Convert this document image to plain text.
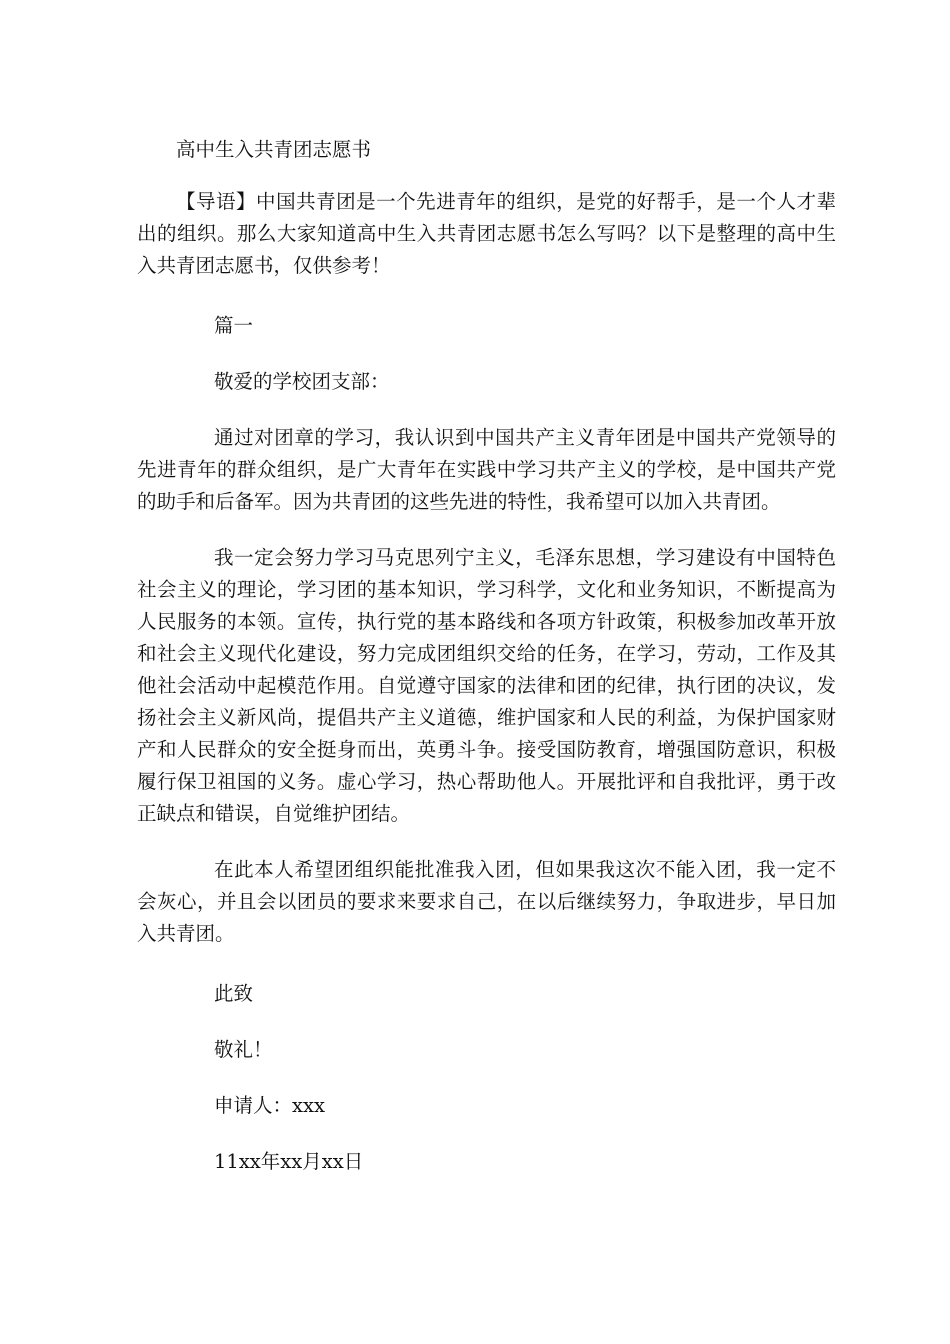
高中生入共青团志愿书
【导语】中国共青团是一个先进青年的组织，是党的好帮手，是一个人才辈
出的组织。那么大家知道高中生入共青团志愿书怎么写吗？以下是整理的高中生
入共青团志愿书，仅供参考！
篇一
敬爱的学校团支部：
通过对团章的学习，我认识到中国共产主义青年团是中国共产党领导的
先进青年的群众组织，是广大青年在实践中学习共产主义的学校，是中国共产党
的助手和后备军。因为共青团的这些先进的特性，我希望可以加入共青团。
我一定会努力学习马克思列宁主义，毛泽东思想，学习建设有中国特色
社会主义的理论，学习团的基本知识，学习科学，文化和业务知识，不断提高为
人民服务的本领。宣传，执行党的基本路线和各项方针政策，积极参加改革开放
和社会主义现代化建设，努力完成团组织交给的任务，在学习，劳动，工作及其
他社会活动中起模范作用。自觉遵守国家的法律和团的纪律，执行团的决议，发
扬社会主义新风尚，提倡共产主义道德，维护国家和人民的利益，为保护国家财
产和人民群众的安全挺身而出，英勇斗争。接受国防教育，增强国防意识，积极
履行保卫祖国的义务。虚心学习，热心帮助他人。开展批评和自我批评，勇于改
正缺点和错误，自觉维护团结。
在此本人希望团组织能批准我入团，但如果我这次不能入团，我一定不
会灰心，并且会以团员的要求来要求自己，在以后继续努力，争取进步，早日加
入共青团。
此致
敬礼！
申请人：xxx
11xx年xx月xx日
